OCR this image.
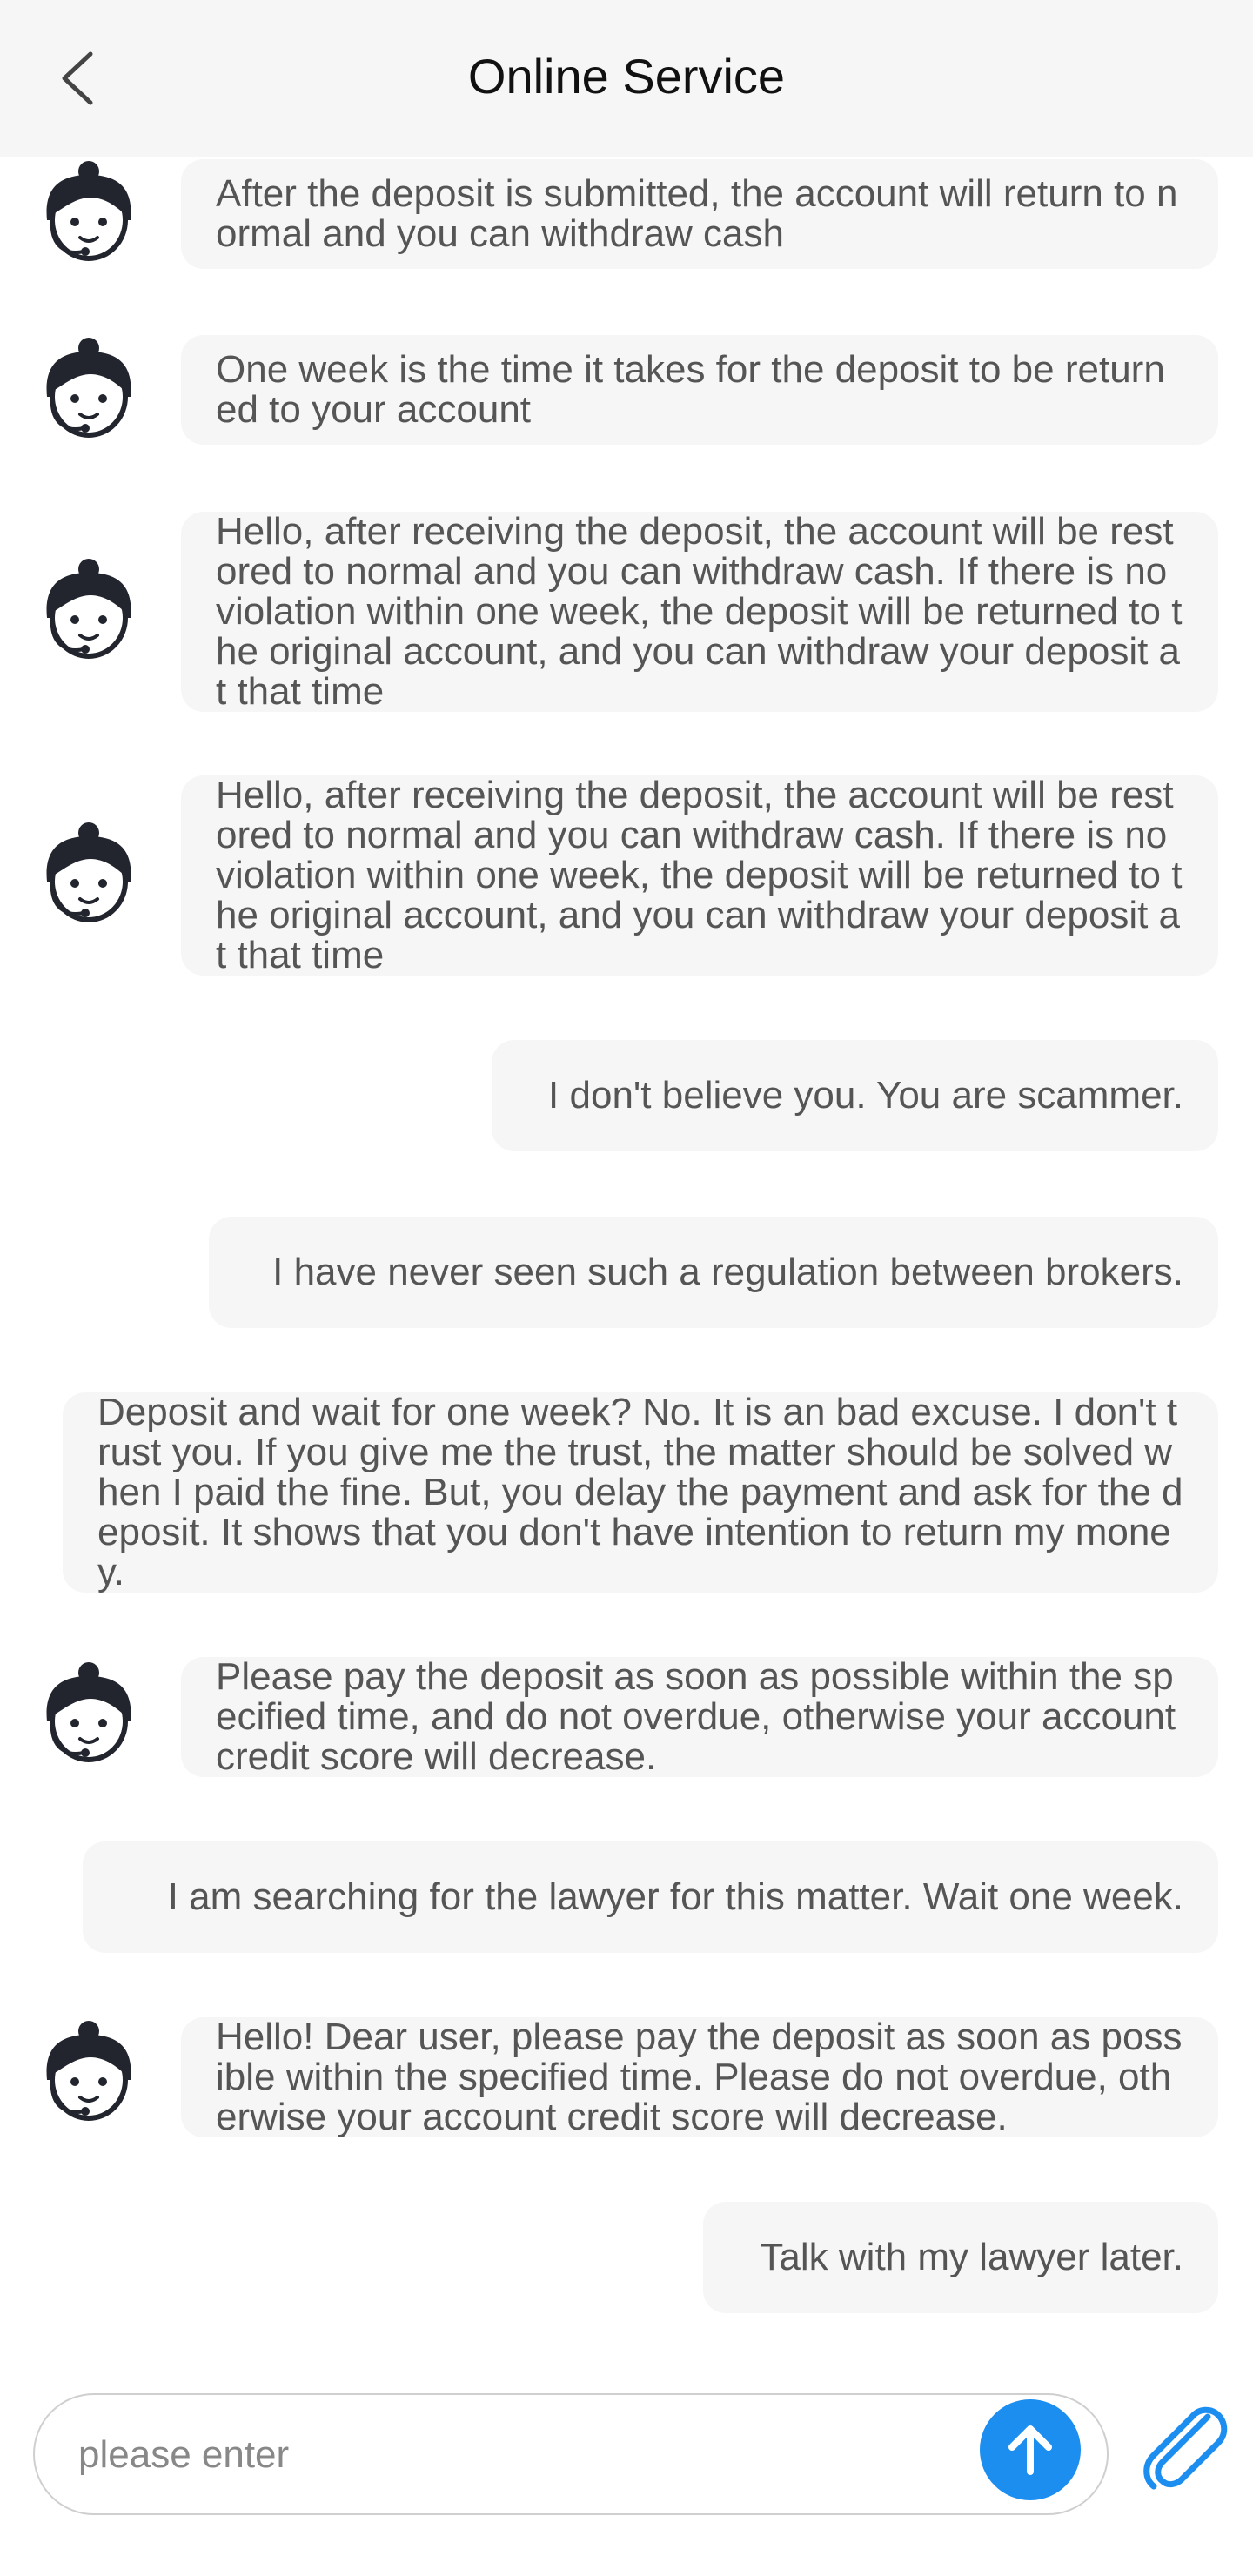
Online Service
After the deposit is submitted, the account will return to normal and you can withdraw cash
One week is the time it takes for the deposit to be returned to your account
Hello, after receiving the deposit, the account will be restored to normal and you can withdraw cash. If there is no violation within one week, the deposit will be returned to the original account, and you can withdraw your deposit at that time
Hello, after receiving the deposit, the account will be restored to normal and you can withdraw cash. If there is no violation within one week, the deposit will be returned to the original account, and you can withdraw your deposit at that time
I don't believe you. You are scammer.
I have never seen such a regulation between brokers.
Deposit and wait for one week? No. It is an bad excuse. I don't trust you. If you give me the trust, the matter should be solved when I paid the fine. But, you delay the payment and ask for the deposit. It shows that you don't have intention to return my money.
Please pay the deposit as soon as possible within the specified time, and do not overdue, otherwise your account credit score will decrease.
I am searching for the lawyer for this matter. Wait one week.
Hello! Dear user, please pay the deposit as soon as possible within the specified time. Please do not overdue, otherwise your account credit score will decrease.
Talk with my lawyer later.
please enter
